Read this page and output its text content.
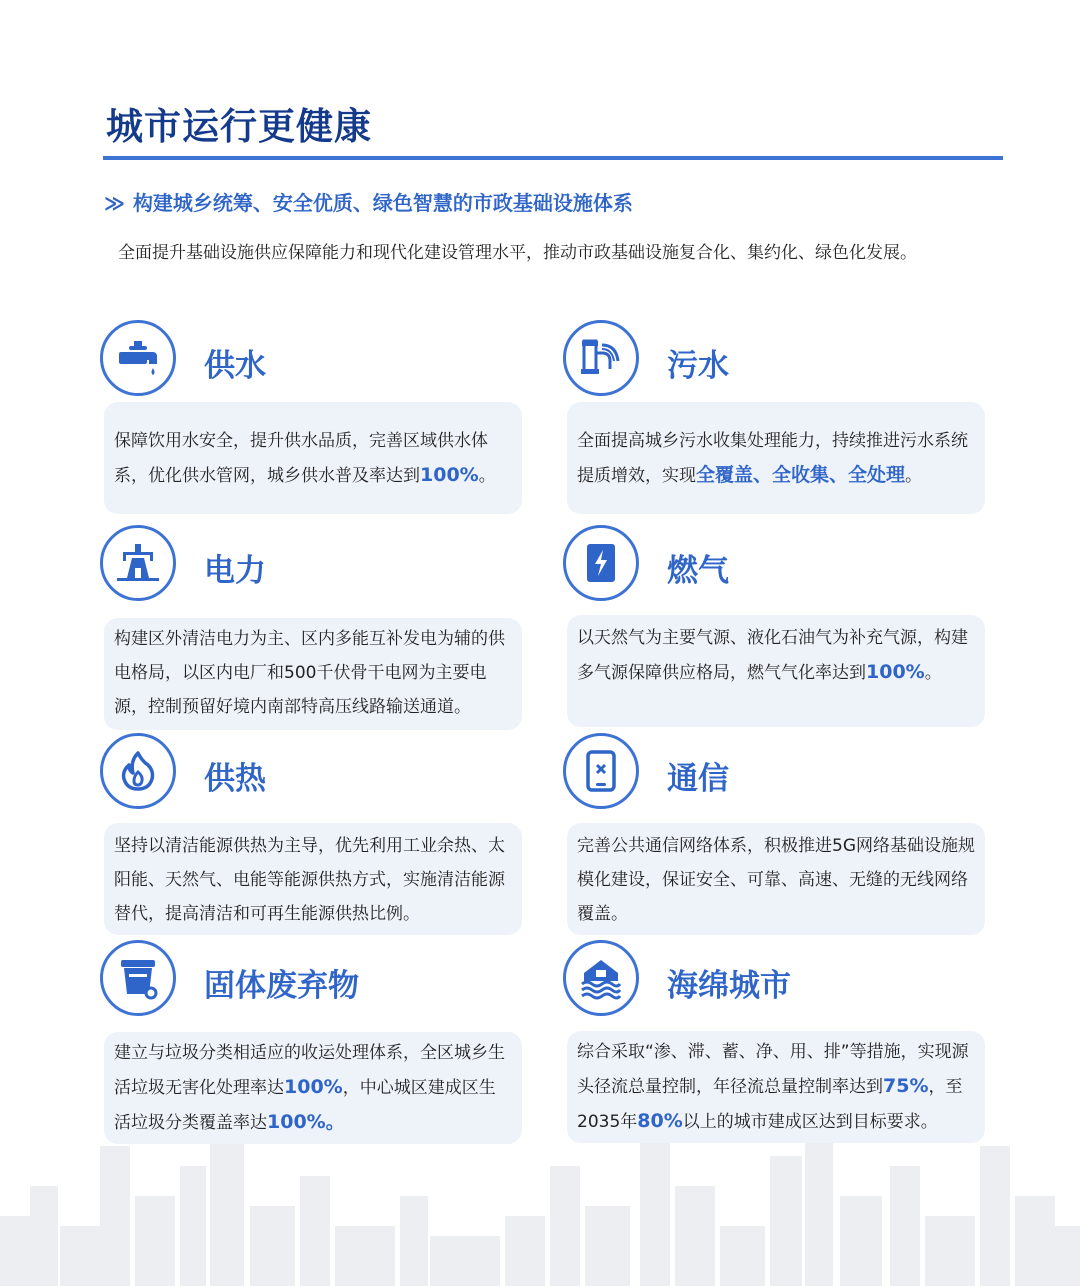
城市运行更健康
≫ 构建城乡统筹、安全优质、绿色智慧的市政基础设施体系
全面提升基础设施供应保障能力和现代化建设管理水平，推动市政基础设施复合化、集约化、绿色化发展。
供水
保障饮用水安全，提升供水品质，完善区域供水体系，优化供水管网，城乡供水普及率达到100%。
污水
全面提高城乡污水收集处理能力，持续推进污水系统提质增效，实现全覆盖、全收集、全处理。
电力
构建区外清洁电力为主、区内多能互补发电为辅的供电格局，以区内电厂和500千伏骨干电网为主要电源，控制预留好境内南部特高压线路输送通道。
燃气
以天然气为主要气源、液化石油气为补充气源，构建多气源保障供应格局，燃气气化率达到100%。
供热
坚持以清洁能源供热为主导，优先利用工业余热、太阳能、天然气、电能等能源供热方式，实施清洁能源替代，提高清洁和可再生能源供热比例。
通信
完善公共通信网络体系，积极推进5G网络基础设施规模化建设，保证安全、可靠、高速、无缝的无线网络覆盖。
固体废弃物
建立与垃圾分类相适应的收运处理体系，全区城乡生活垃圾无害化处理率达100%，中心城区建成区生活垃圾分类覆盖率达100%。
海绵城市
综合采取“渗、滞、蓄、净、用、排”等措施，实现源头径流总量控制，年径流总量控制率达到75%，至2035年80%以上的城市建成区达到目标要求。
